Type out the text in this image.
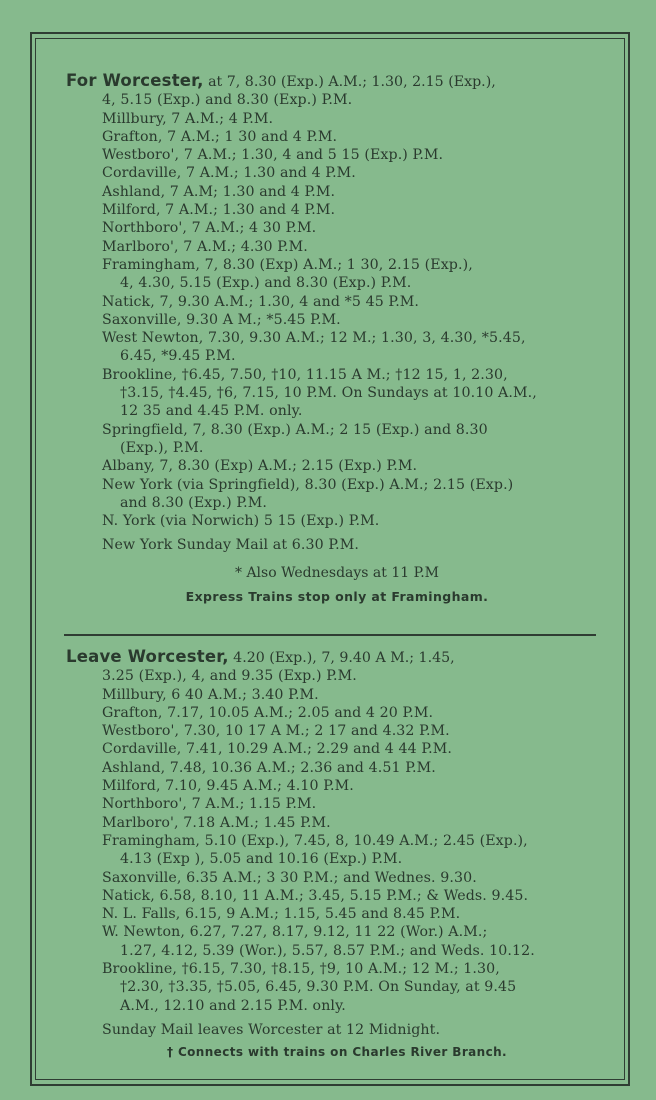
For Worcester, at 7, 8.30 (Exp.) A.M.; 1.30, 2.15 (Exp.),
4, 5.15 (Exp.) and 8.30 (Exp.) P.M.
Millbury, 7 A.M.; 4 P.M.
Grafton, 7 A.M.; 1 30 and 4 P.M.
Westboro', 7 A.M.; 1.30, 4 and 5 15 (Exp.) P.M.
Cordaville, 7 A.M.; 1.30 and 4 P.M.
Ashland, 7 A.M; 1.30 and 4 P.M.
Milford, 7 A.M.; 1.30 and 4 P.M.
Northboro', 7 A.M.; 4 30 P.M.
Marlboro', 7 A.M.; 4.30 P.M.
Framingham, 7, 8.30 (Exp) A.M.; 1 30, 2.15 (Exp.),
4, 4.30, 5.15 (Exp.) and 8.30 (Exp.) P.M.
Natick, 7, 9.30 A.M.; 1.30, 4 and *5 45 P.M.
Saxonville, 9.30 A M.; *5.45 P.M.
West Newton, 7.30, 9.30 A.M.; 12 M.; 1.30, 3, 4.30, *5.45,
6.45, *9.45 P.M.
Brookline, †6.45, 7.50, †10, 11.15 A M.; †12 15, 1, 2.30,
†3.15, †4.45, †6, 7.15, 10 P.M. On Sundays at 10.10 A.M.,
12 35 and 4.45 P.M. only.
Springfield, 7, 8.30 (Exp.) A.M.; 2 15 (Exp.) and 8.30
(Exp.), P.M.
Albany, 7, 8.30 (Exp) A.M.; 2.15 (Exp.) P.M.
New York (via Springfield), 8.30 (Exp.) A.M.; 2.15 (Exp.)
and 8.30 (Exp.) P.M.
N. York (via Norwich) 5 15 (Exp.) P.M.
New York Sunday Mail at 6.30 P.M.
* Also Wednesdays at 11 P.M
Express Trains stop only at Framingham.
Leave Worcester, 4.20 (Exp.), 7, 9.40 A M.; 1.45,
3.25 (Exp.), 4, and 9.35 (Exp.) P.M.
Millbury, 6 40 A.M.; 3.40 P.M.
Grafton, 7.17, 10.05 A.M.; 2.05 and 4 20 P.M.
Westboro', 7.30, 10 17 A M.; 2 17 and 4.32 P.M.
Cordaville, 7.41, 10.29 A.M.; 2.29 and 4 44 P.M.
Ashland, 7.48, 10.36 A.M.; 2.36 and 4.51 P.M.
Milford, 7.10, 9.45 A.M.; 4.10 P.M.
Northboro', 7 A.M.; 1.15 P.M.
Marlboro', 7.18 A.M.; 1.45 P.M.
Framingham, 5.10 (Exp.), 7.45, 8, 10.49 A.M.; 2.45 (Exp.),
4.13 (Exp ), 5.05 and 10.16 (Exp.) P.M.
Saxonville, 6.35 A.M.; 3 30 P.M.; and Wednes. 9.30.
Natick, 6.58, 8.10, 11 A.M.; 3.45, 5.15 P.M.; & Weds. 9.45.
N. L. Falls, 6.15, 9 A.M.; 1.15, 5.45 and 8.45 P.M.
W. Newton, 6.27, 7.27, 8.17, 9.12, 11 22 (Wor.) A.M.;
1.27, 4.12, 5.39 (Wor.), 5.57, 8.57 P.M.; and Weds. 10.12.
Brookline, †6.15, 7.30, †8.15, †9, 10 A.M.; 12 M.; 1.30,
†2.30, †3.35, †5.05, 6.45, 9.30 P.M. On Sunday, at 9.45
A.M., 12.10 and 2.15 P.M. only.
Sunday Mail leaves Worcester at 12 Midnight.
† Connects with trains on Charles River Branch.
